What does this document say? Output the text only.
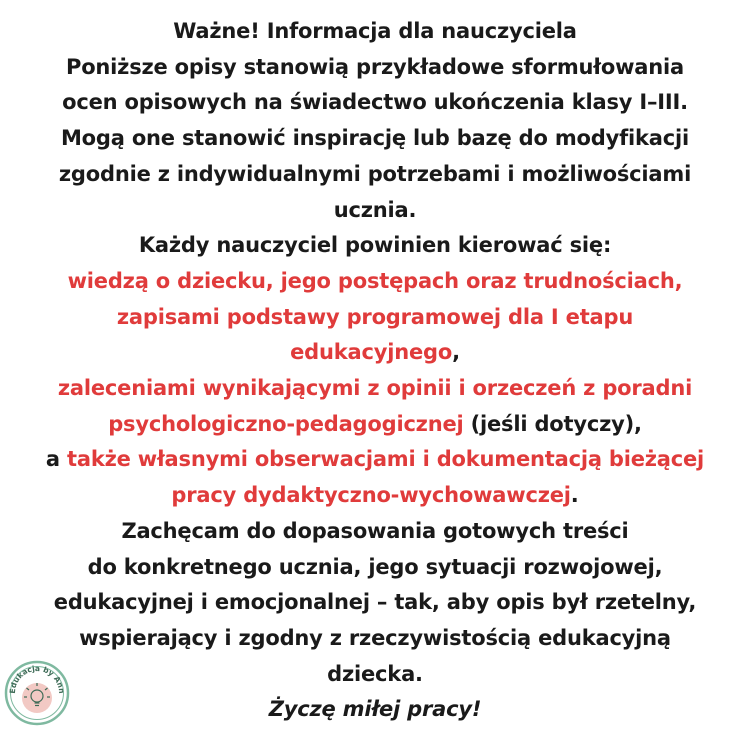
Ważne! Informacja dla nauczyciela
Poniższe opisy stanowią przykładowe sformułowania
ocen opisowych na świadectwo ukończenia klasy I–III.
Mogą one stanowić inspirację lub bazę do modyfikacji
zgodnie z indywidualnymi potrzebami i możliwościami
ucznia.
Każdy nauczyciel powinien kierować się:
wiedzą o dziecku, jego postępach oraz trudnościach,
zapisami podstawy programowej dla I etapu
edukacyjnego,
zaleceniami wynikającymi z opinii i orzeczeń z poradni
psychologiczno-pedagogicznej (jeśli dotyczy),
a także własnymi obserwacjami i dokumentacją bieżącej
pracy dydaktyczno-wychowawczej.
Zachęcam do dopasowania gotowych treści
do konkretnego ucznia, jego sytuacji rozwojowej,
edukacyjnej i emocjonalnej – tak, aby opis był rzetelny,
wspierający i zgodny z rzeczywistością edukacyjną
dziecka.
Życzę miłej pracy!
Edukacja by Ann
